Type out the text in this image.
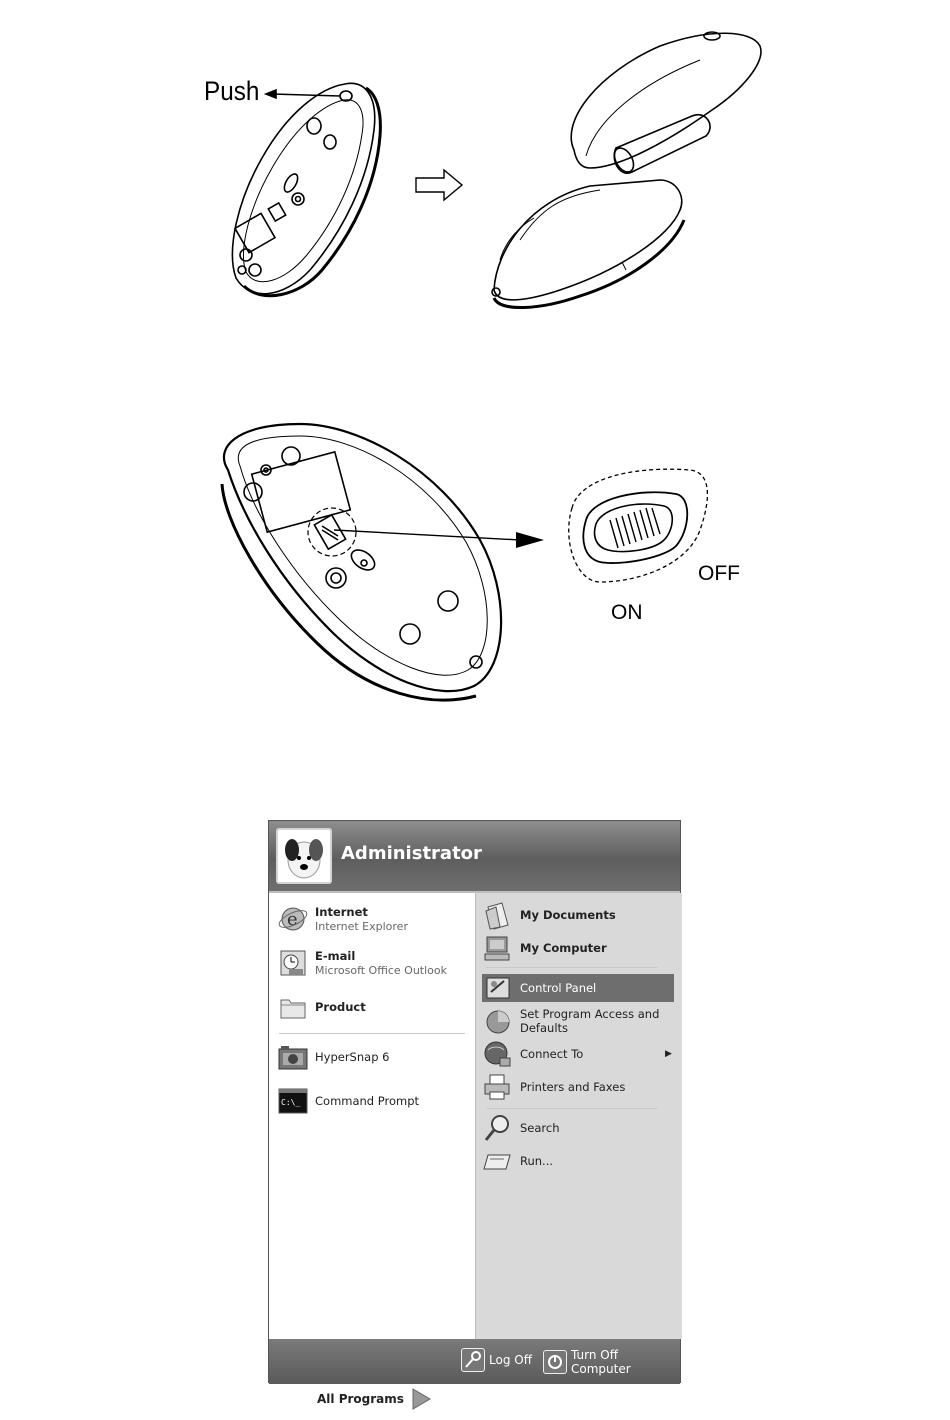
Push
OFF
ON
Administrator
e Internet
Internet Explorer
E-mail
Microsoft Office Outlook
Product
HyperSnap 6
C:\_ Command Prompt
All Programs
My Documents
My Computer
Control Panel
Set Program Access and Defaults
Connect To	▶
Printers and Faxes
Search
Run...
Log Off	Turn Off Computer
